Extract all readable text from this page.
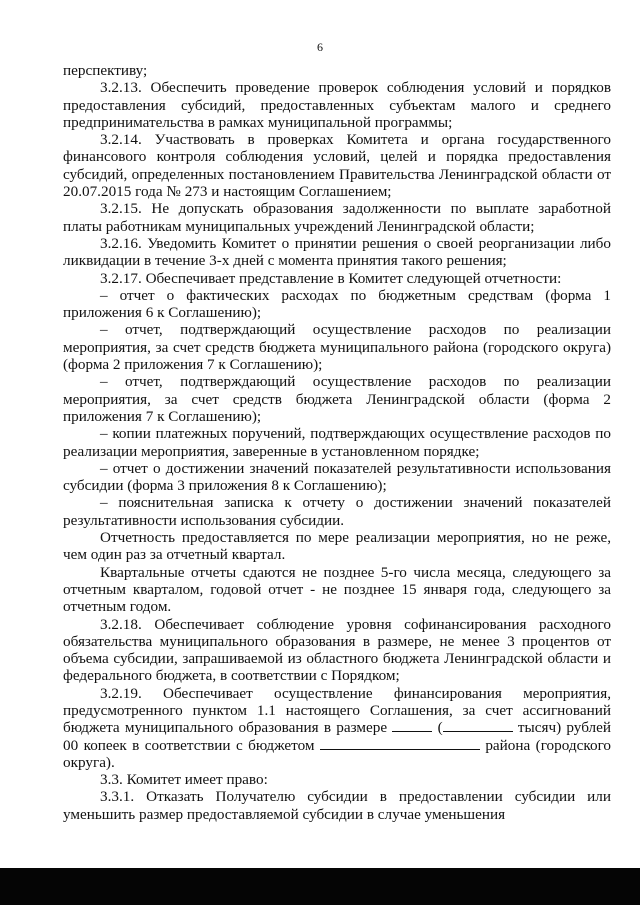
6

перспективу;

3.2.13. Обеспечить проведение проверок соблюдения условий и порядков предоставления субсидий, предоставленных субъектам малого и среднего предпринимательства в рамках муниципальной программы;

3.2.14. Участвовать в проверках Комитета и органа государственного финансового контроля соблюдения условий, целей и порядка предоставления субсидий, определенных постановлением Правительства Ленинградской области от 20.07.2015 года № 273 и настоящим Соглашением;

3.2.15. Не допускать образования задолженности по выплате заработной платы работникам муниципальных учреждений Ленинградской области;

3.2.16. Уведомить Комитет о принятии решения о своей реорганизации либо ликвидации в течение 3-х дней с момента принятия такого решения;

3.2.17. Обеспечивает представление в Комитет следующей отчетности:

– отчет о фактических расходах по бюджетным средствам (форма 1 приложения 6 к Соглашению);

– отчет, подтверждающий осуществление расходов по реализации мероприятия, за счет средств бюджета муниципального района (городского округа) (форма 2 приложения 7 к Соглашению);

– отчет, подтверждающий осуществление расходов по реализации мероприятия, за счет средств бюджета Ленинградской области (форма 2 приложения 7 к Соглашению);

– копии платежных поручений, подтверждающих осуществление расходов по реализации мероприятия, заверенные в установленном порядке;

– отчет о достижении значений показателей результативности использования субсидии (форма 3 приложения 8 к Соглашению);

– пояснительная записка к отчету о достижении значений показателей результативности использования субсидии.

Отчетность предоставляется по мере реализации мероприятия, но не реже, чем один раз за отчетный квартал.

Квартальные отчеты сдаются не позднее 5-го числа месяца, следующего за отчетным кварталом, годовой отчет - не позднее 15 января года, следующего за отчетным годом.

3.2.18. Обеспечивает соблюдение уровня софинансирования расходного обязательства муниципального образования в размере, не менее 3 процентов от объема субсидии, запрашиваемой из областного бюджета Ленинградской области и федерального бюджета, в соответствии с Порядком;

3.2.19. Обеспечивает осуществление финансирования мероприятия, предусмотренного пунктом 1.1 настоящего Соглашения, за счет ассигнований бюджета муниципального образования в размере	(	тысяч) рублей 00 копеек в соответствии с бюджетом	района (городского округа).

3.3. Комитет имеет право:

3.3.1. Отказать Получателю субсидии в предоставлении субсидии или уменьшить размер предоставляемой субсидии в случае уменьшения
